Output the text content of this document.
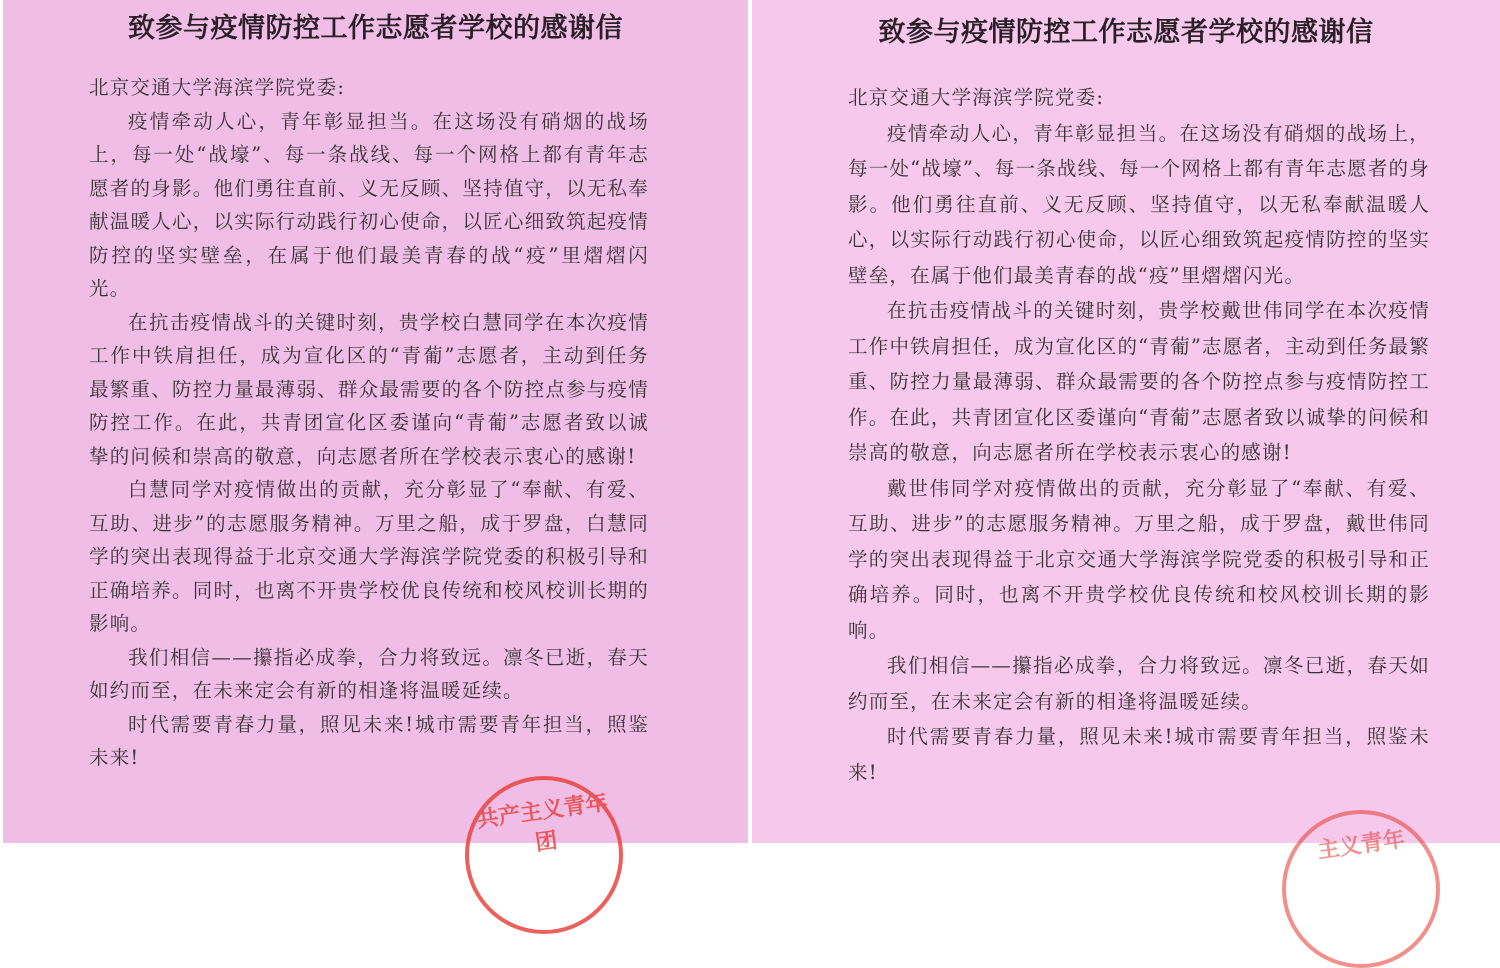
致参与疫情防控工作志愿者学校的感谢信

北京交通大学海滨学院党委:

疫情牵动人心，青年彰显担当。在这场没有硝烟的战场上，每一处“战壕”、每一条战线、每一个网格上都有青年志愿者的身影。他们勇往直前、义无反顾、坚持值守，以无私奉献温暖人心，以实际行动践行初心使命，以匠心细致筑起疫情防控的坚实壁垒，在属于他们最美青春的战“疫”里熠熠闪光。

在抗击疫情战斗的关键时刻，贵学校白慧同学在本次疫情工作中铁肩担任，成为宣化区的“青葡”志愿者，主动到任务最繁重、防控力量最薄弱、群众最需要的各个防控点参与疫情防控工作。在此，共青团宣化区委谨向“青葡”志愿者致以诚挚的问候和崇高的敬意，向志愿者所在学校表示衷心的感谢!

白慧同学对疫情做出的贡献，充分彰显了“奉献、有爱、互助、进步”的志愿服务精神。万里之船，成于罗盘，白慧同学的突出表现得益于北京交通大学海滨学院党委的积极引导和正确培养。同时，也离不开贵学校优良传统和校风校训长期的影响。

我们相信——攥指必成拳，合力将致远。凛冬已逝，春天如约而至，在未来定会有新的相逢将温暖延续。

时代需要青春力量，照见未来!城市需要青年担当，照鉴未来!

共产主义青年团
致参与疫情防控工作志愿者学校的感谢信

北京交通大学海滨学院党委:

疫情牵动人心，青年彰显担当。在这场没有硝烟的战场上，每一处“战壕”、每一条战线、每一个网格上都有青年志愿者的身影。他们勇往直前、义无反顾、坚持值守，以无私奉献温暖人心，以实际行动践行初心使命，以匠心细致筑起疫情防控的坚实壁垒，在属于他们最美青春的战“疫”里熠熠闪光。

在抗击疫情战斗的关键时刻，贵学校戴世伟同学在本次疫情工作中铁肩担任，成为宣化区的“青葡”志愿者，主动到任务最繁重、防控力量最薄弱、群众最需要的各个防控点参与疫情防控工作。在此，共青团宣化区委谨向“青葡”志愿者致以诚挚的问候和崇高的敬意，向志愿者所在学校表示衷心的感谢!

戴世伟同学对疫情做出的贡献，充分彰显了“奉献、有爱、互助、进步”的志愿服务精神。万里之船，成于罗盘，戴世伟同学的突出表现得益于北京交通大学海滨学院党委的积极引导和正确培养。同时，也离不开贵学校优良传统和校风校训长期的影响。

我们相信——攥指必成拳，合力将致远。凛冬已逝，春天如约而至，在未来定会有新的相逢将温暖延续。

时代需要青春力量，照见未来!城市需要青年担当，照鉴未来!

主义青年
